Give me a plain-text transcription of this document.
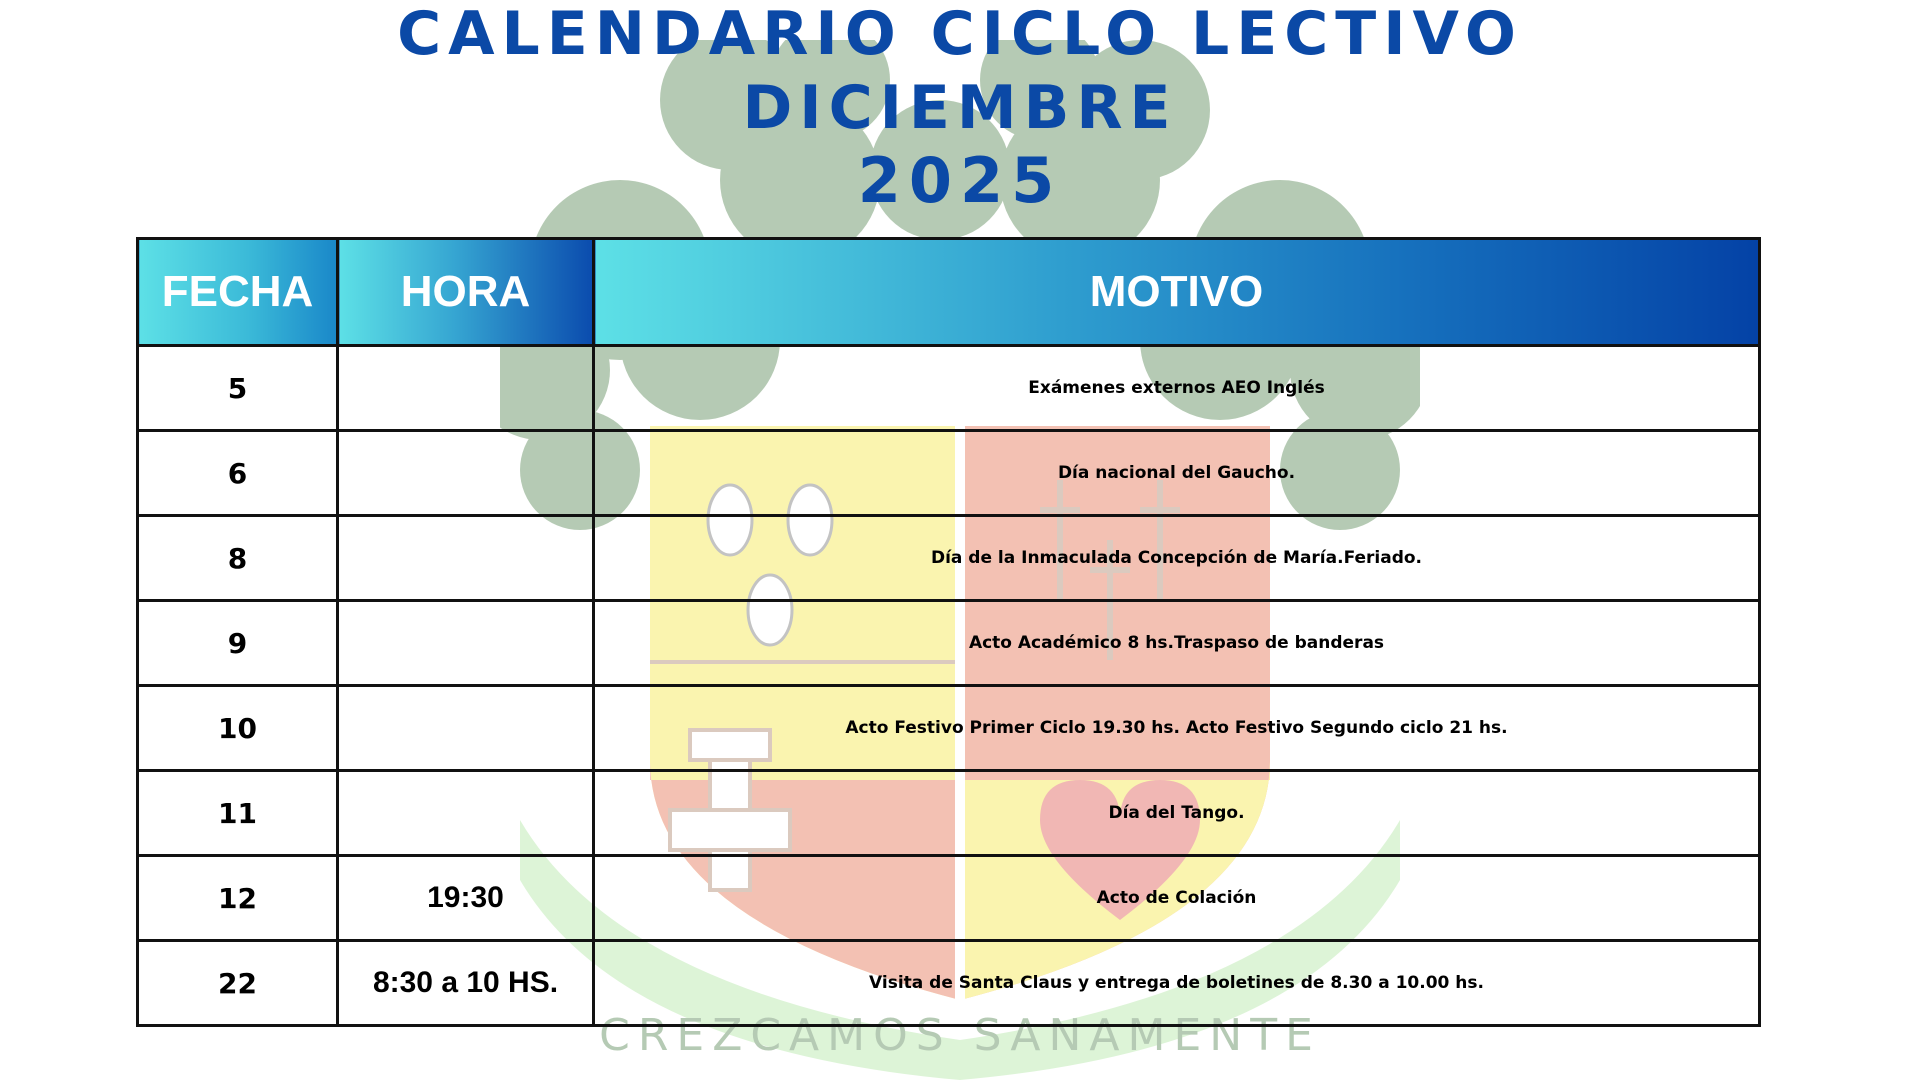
CREZCAMOS SANAMENTE
CALENDARIO CICLO LECTIVO
DICIEMBRE
2025
FECHA	HORA	MOTIVO
5		Exámenes externos AEO Inglés
6		Día nacional del Gaucho.
8		Día de la Inmaculada Concepción de María.Feriado.
9		Acto Académico 8 hs.Traspaso de banderas
10		Acto Festivo Primer Ciclo 19.30 hs. Acto Festivo Segundo ciclo 21 hs.
11		Día del Tango.
12	19:30	Acto de Colación
22	8:30 a 10 HS.	Visita de Santa Claus y entrega de boletines de 8.30 a 10.00 hs.
